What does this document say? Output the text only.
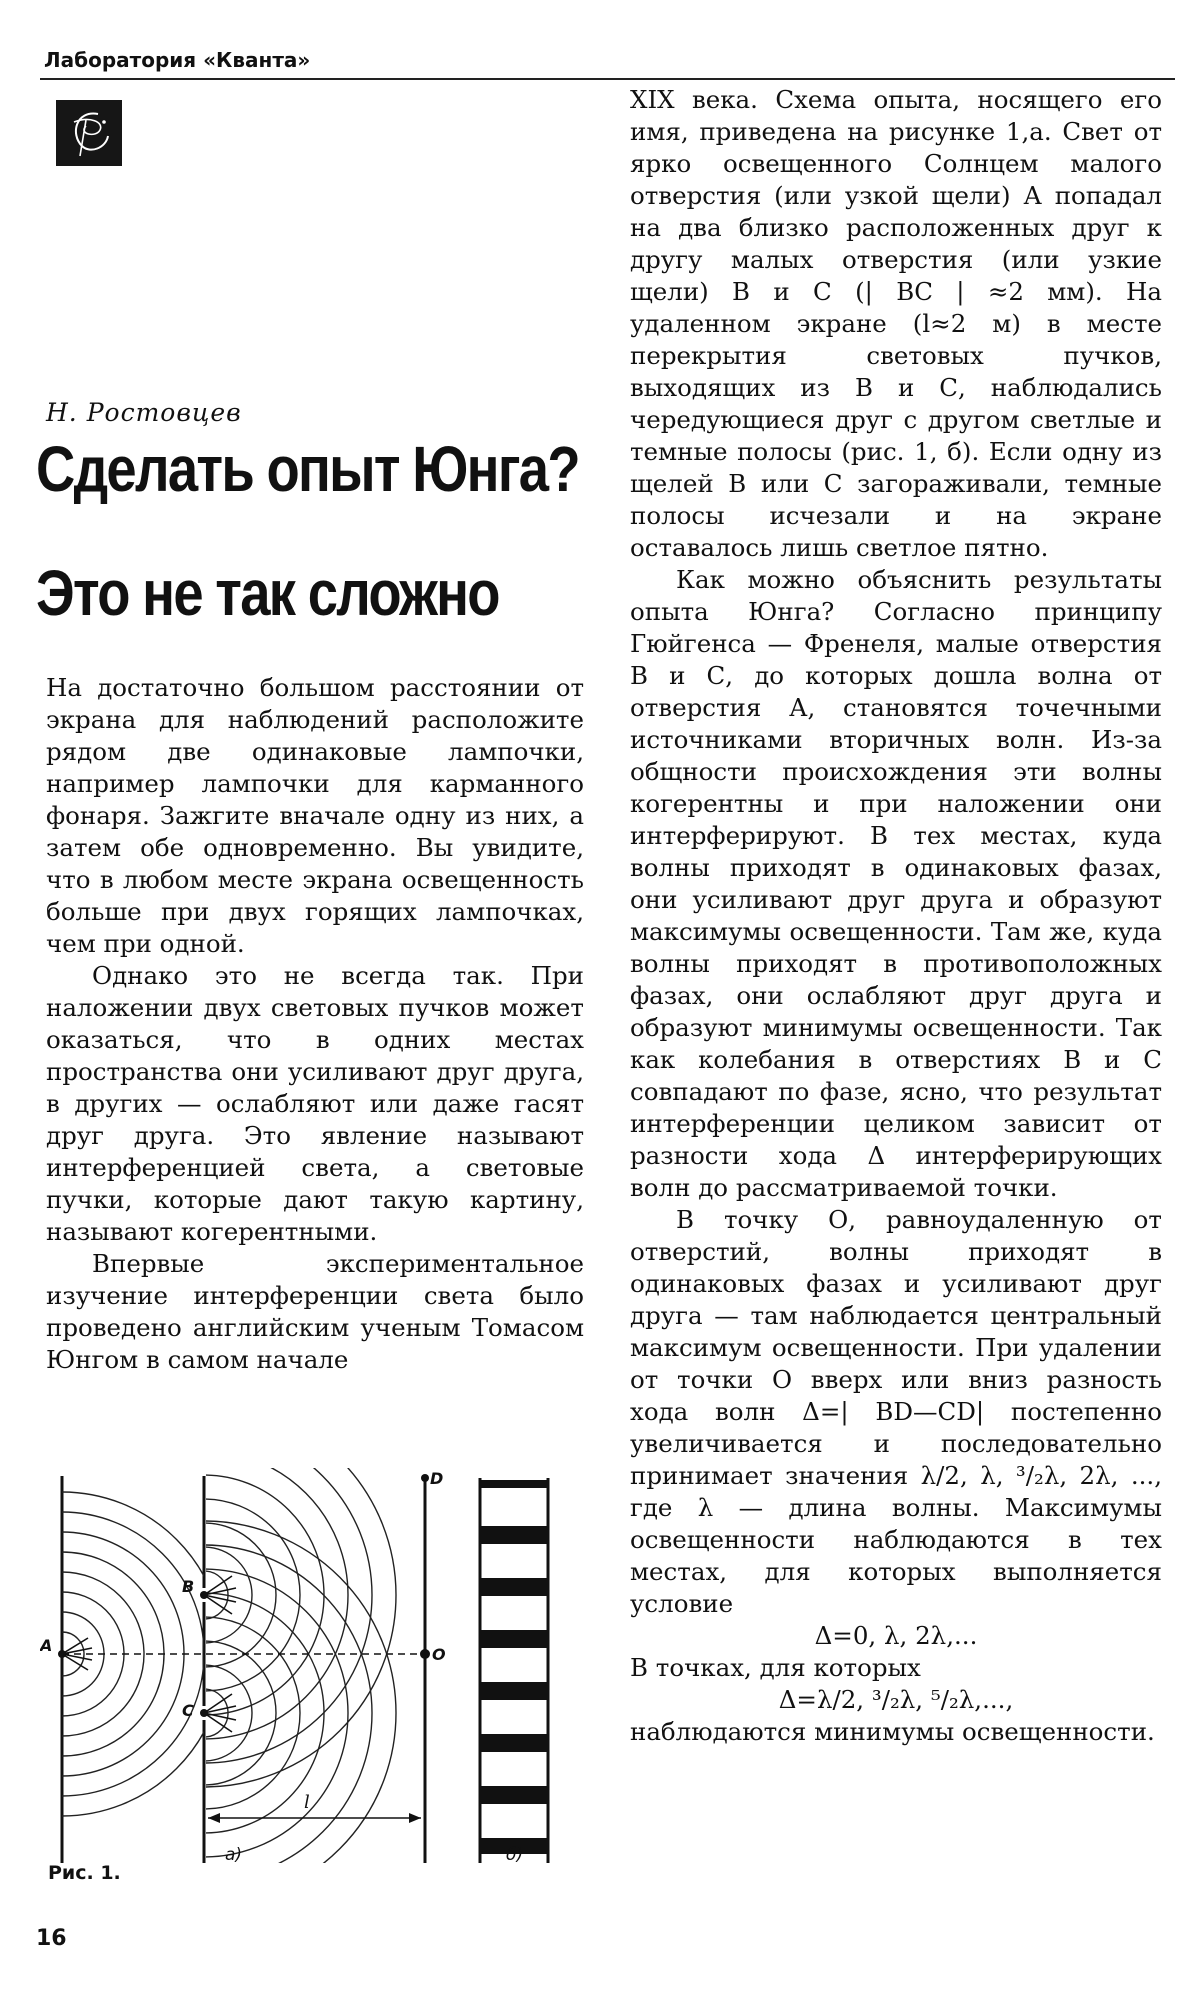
Лаборатория «Кванта»
Н. Ростовцев
Сделать опыт Юнга?
Это не так сложно

На достаточно большом расстоянии от экрана для наблюдений расположите рядом две одинаковые лампочки, например лампочки для карманного фонаря. Зажгите вначале одну из них, а затем обе одновременно. Вы увидите, что в любом месте экрана освещенность больше при двух горящих лампочках, чем при одной.

Однако это не всегда так. При наложении двух световых пучков может оказаться, что в одних местах пространства они усиливают друг друга, в других — ослабляют или даже гасят друг друга. Это явление называют интерференцией света, а световые пучки, которые дают такую картину, называют когерентными.

Впервые экспериментальное изучение интерференции света было проведено английским ученым Томасом Юнгом в самом начале

XIX века. Схема опыта, носящего его имя, приведена на рисунке 1,а. Свет от ярко освещенного Солнцем малого отверстия (или узкой щели) А попадал на два близко расположенных друг к другу малых отверстия (или узкие щели) В и С (| ВС | ≈2 мм). На удаленном экране (l≈2 м) в месте перекрытия световых пучков, выходящих из В и С, наблюдались чередующиеся друг с другом светлые и темные полосы (рис. 1, б). Если одну из щелей В или С загораживали, темные полосы исчезали и на экране оставалось лишь светлое пятно.

Как можно объяснить результаты опыта Юнга? Согласно принципу Гюйгенса — Френеля, малые отверстия В и С, до которых дошла волна от отверстия А, становятся точечными источниками вторичных волн. Из-за общности происхождения эти волны когерентны и при наложении они интерферируют. В тех местах, куда волны приходят в одинаковых фазах, они усиливают друг друга и образуют максимумы освещенности. Там же, куда волны приходят в противоположных фазах, они ослабляют друг друга и образуют минимумы освещенности. Так как колебания в отверстиях В и С совпадают по фазе, ясно, что результат интерференции целиком зависит от разности хода Δ интерферирующих волн до рассматриваемой точки.

В точку О, равноудаленную от отверстий, волны приходят в одинаковых фазах и усиливают друг друга — там наблюдается центральный максимум освещенности. При удалении от точки О вверх или вниз разность хода волн Δ=| BD—CD| постепенно увеличивается и последовательно принимает значения λ/2, λ, ³/₂λ, 2λ, ..., где λ — длина волны. Максимумы освещенности наблюдаются в тех местах, для которых выполняется условие

Δ=0, λ, 2λ,...

В точках, для которых

Δ=λ/2, ³/₂λ, ⁵/₂λ,...,

наблюдаются минимумы освещенности.

A
B
C
D
O
l
а)	б)
Рис. 1.
16
